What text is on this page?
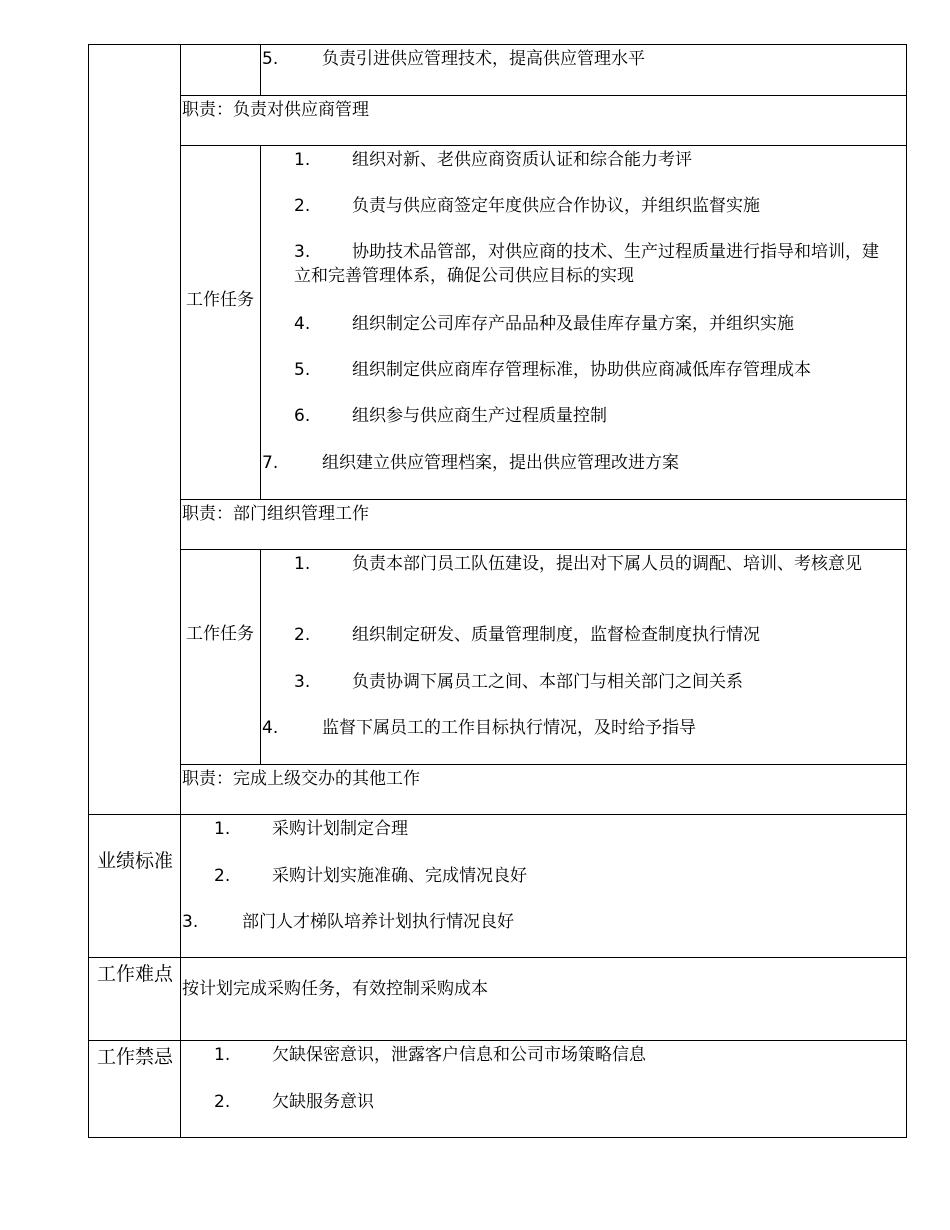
5.	负责引进供应管理技术，提高供应管理水平
职责：负责对供应商管理
工作任务
1. 组织对新、老供应商资质认证和综合能力考评
2. 负责与供应商签定年度供应合作协议，并组织监督实施
3. 协助技术品管部，对供应商的技术、生产过程质量进行指导和培训，建立和完善管理体系，确促公司供应目标的实现
4. 组织制定公司库存产品品种及最佳库存量方案，并组织实施
5. 组织制定供应商库存管理标准，协助供应商减低库存管理成本
6. 组织参与供应商生产过程质量控制
7.	组织建立供应管理档案，提出供应管理改进方案
职责：部门组织管理工作
工作任务
1. 负责本部门员工队伍建设，提出对下属人员的调配、培训、考核意见
2. 组织制定研发、质量管理制度，监督检查制度执行情况
3. 负责协调下属员工之间、本部门与相关部门之间关系
4.	监督下属员工的工作目标执行情况，及时给予指导
职责：完成上级交办的其他工作
业绩标准
1. 采购计划制定合理
2. 采购计划实施准确、完成情况良好
3.	部门人才梯队培养计划执行情况良好
工作难点
按计划完成采购任务，有效控制采购成本
工作禁忌 1. 欠缺保密意识，泄露客户信息和公司市场策略信息
2. 欠缺服务意识
